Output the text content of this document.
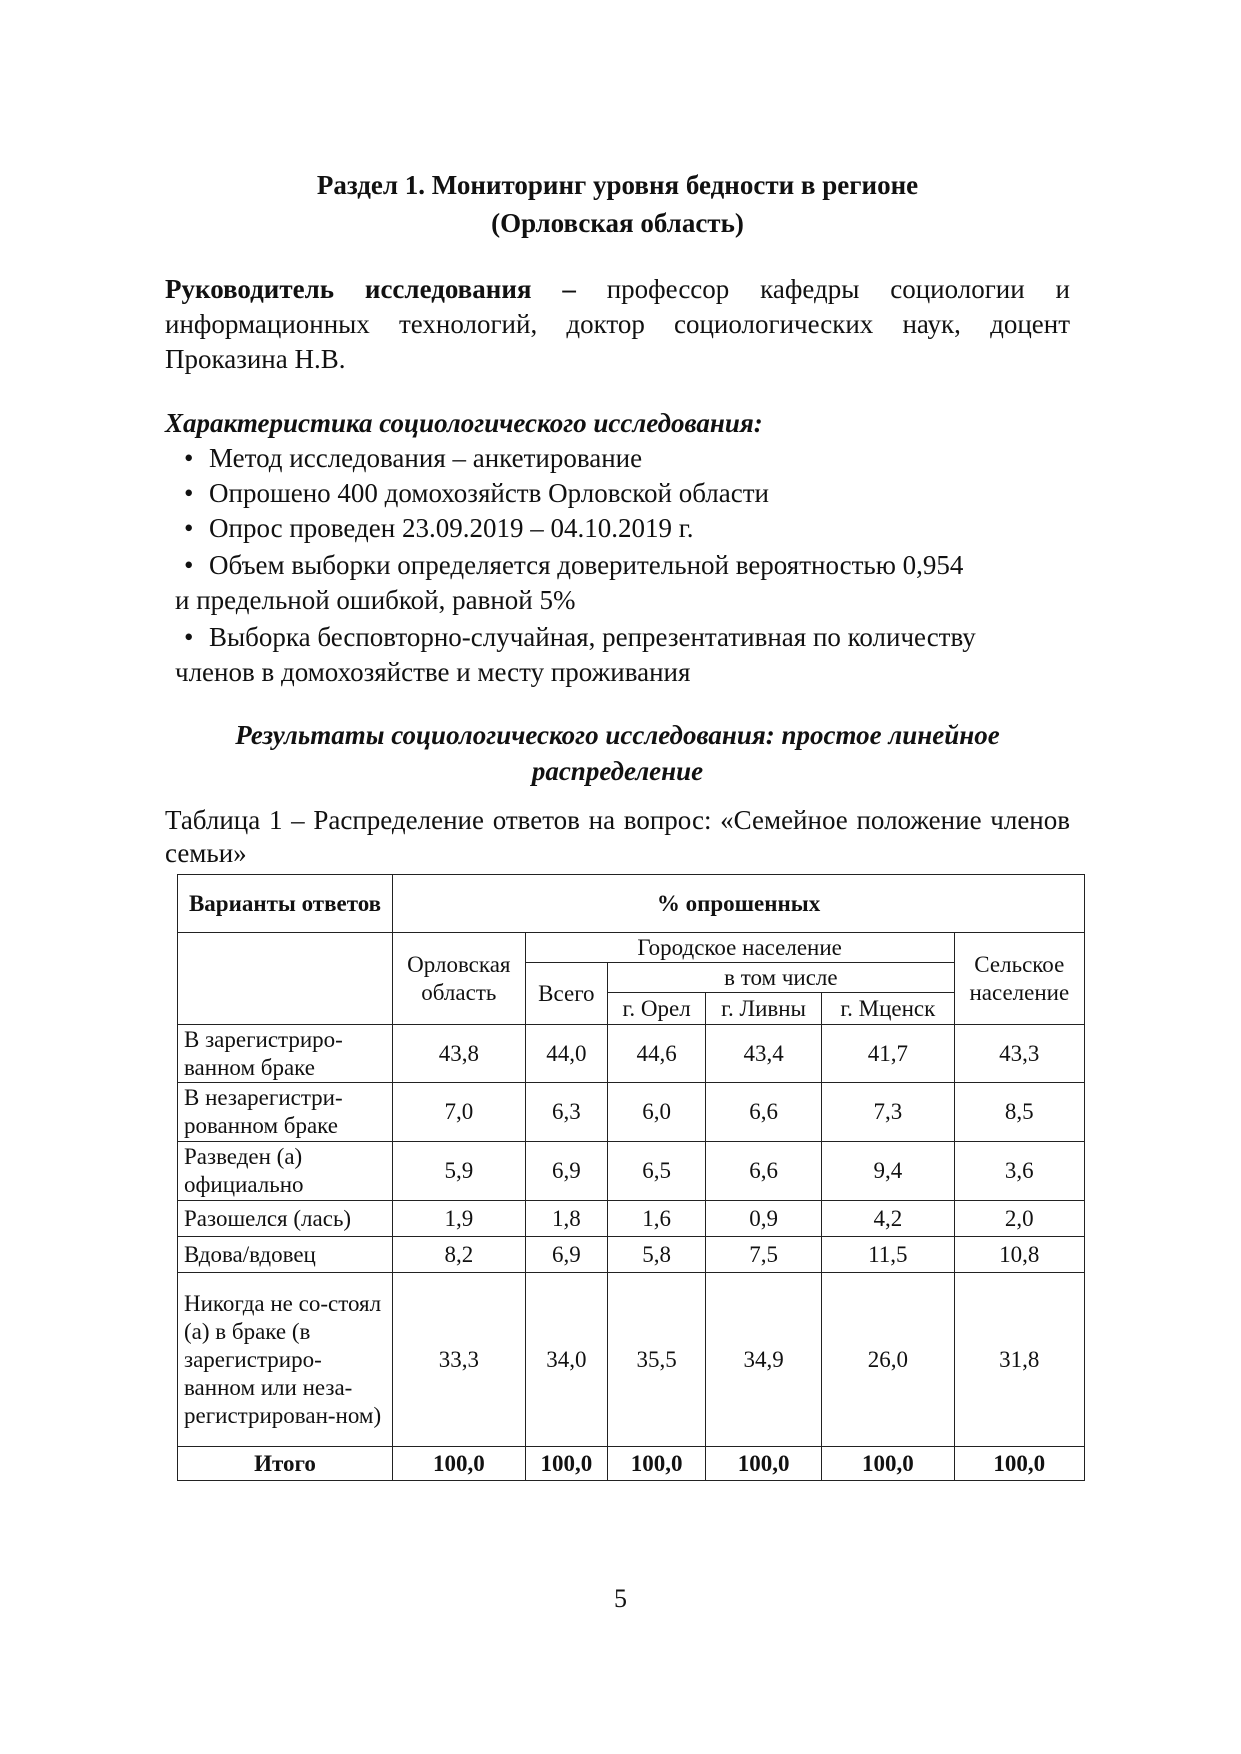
Раздел 1. Мониторинг уровня бедности в регионе
(Орловская область)
Руководитель исследования – профессор кафедры социологии и информационных технологий, доктор социологических наук, доцент Проказина Н.В.
Характеристика социологического исследования:
• Метод исследования – анкетирование
• Опрошено 400 домохозяйств Орловской области
• Опрос проведен 23.09.2019 – 04.10.2019 г.
• Объем выборки определяется доверительной вероятностью 0,954
и предельной ошибкой, равной 5%
• Выборка бесповторно-случайная, репрезентативная по количеству
членов в домохозяйстве и месту проживания
Результаты социологического исследования: простое линейное
распределение
Таблица 1 – Распределение ответов на вопрос: «Семейное положение членов семьи»
Варианты ответов	% опрошенных					
	Орловская область	Городское население				Сельское население
		Всего	в том числе			
			г. Орел	г. Ливны	г. Мценск	
В зарегистриро-ванном браке	43,8	44,0	44,6	43,4	41,7	43,3
В незарегистри-рованном браке	7,0	6,3	6,0	6,6	7,3	8,5
Разведен (а) официально	5,9	6,9	6,5	6,6	9,4	3,6
Разошелся (лась)	1,9	1,8	1,6	0,9	4,2	2,0
Вдова/вдовец	8,2	6,9	5,8	7,5	11,5	10,8
Никогда не со-стоял (а) в браке (в зарегистриро-ванном или неза-регистрирован-ном)	33,3	34,0	35,5	34,9	26,0	31,8
Итого	100,0	100,0	100,0	100,0	100,0	100,0
5
